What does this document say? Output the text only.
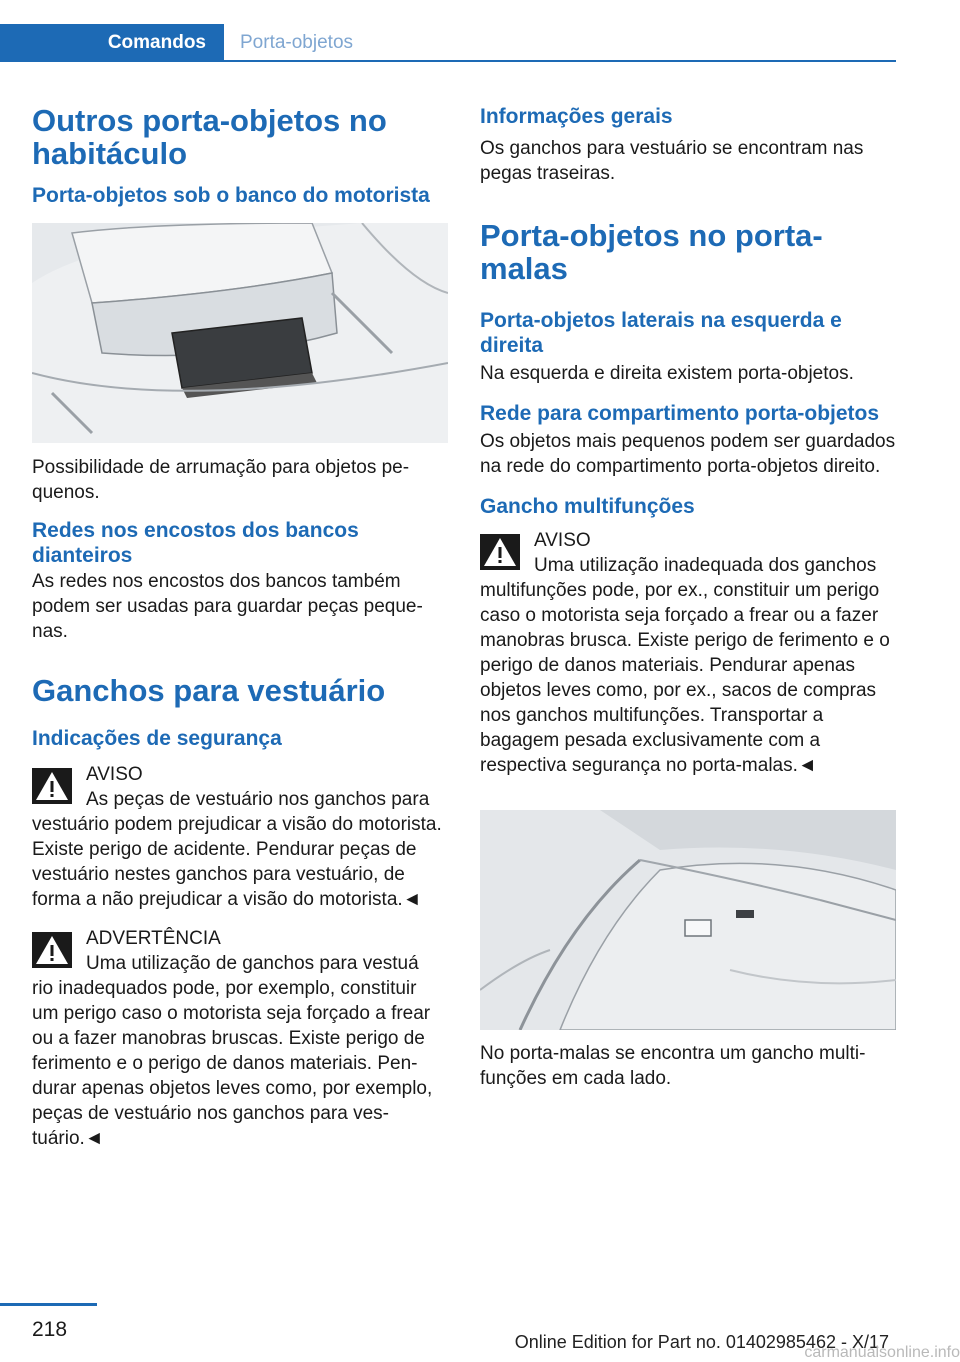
Comandos	Porta-objetos
Outros porta-objetos no habitáculo
Porta-objetos sob o banco do motorista

Possibilidade de arrumação para objetos pequenos.

Redes nos encostos dos bancos dianteiros

As redes nos encostos dos bancos também podem ser usadas para guardar peças pequenas.

Ganchos para vestuário
Indicações de segurança
AVISO

As peças de vestuário nos ganchos para

vestuário podem prejudicar a visão do motorista. Existe perigo de acidente. Pendurar peças de vestuário nestes ganchos para vestuário, de forma a não prejudicar a visão do motorista.◄

ADVERTÊNCIA

Uma utilização de ganchos para vestuá

rio inadequados pode, por exemplo, constituir um perigo caso o motorista seja forçado a frear ou a fazer manobras bruscas. Existe perigo de ferimento e o perigo de danos materiais. Pendurar apenas objetos leves como, por exemplo, peças de vestuário nos ganchos para vestuário.◄

Informações gerais

Os ganchos para vestuário se encontram nas pegas traseiras.

Porta-objetos no porta-malas
Porta-objetos laterais na esquerda e direita

Na esquerda e direita existem porta-objetos.

Rede para compartimento porta-objetos

Os objetos mais pequenos podem ser guardados na rede do compartimento porta-objetos direito.

Gancho multifunções
AVISO

Uma utilização inadequada dos ganchos

multifunções pode, por ex., constituir um perigo caso o motorista seja forçado a frear ou a fazer manobras brusca. Existe perigo de ferimento e o perigo de danos materiais. Pendurar apenas objetos leves como, por ex., sacos de compras nos ganchos multifunções. Transportar a bagagem pesada exclusivamente com a respectiva segurança no porta-malas.◄

No porta-malas se encontra um gancho multifunções em cada lado.

218
Online Edition for Part no. 01402985462 - X/17
carmanualsonline.info
